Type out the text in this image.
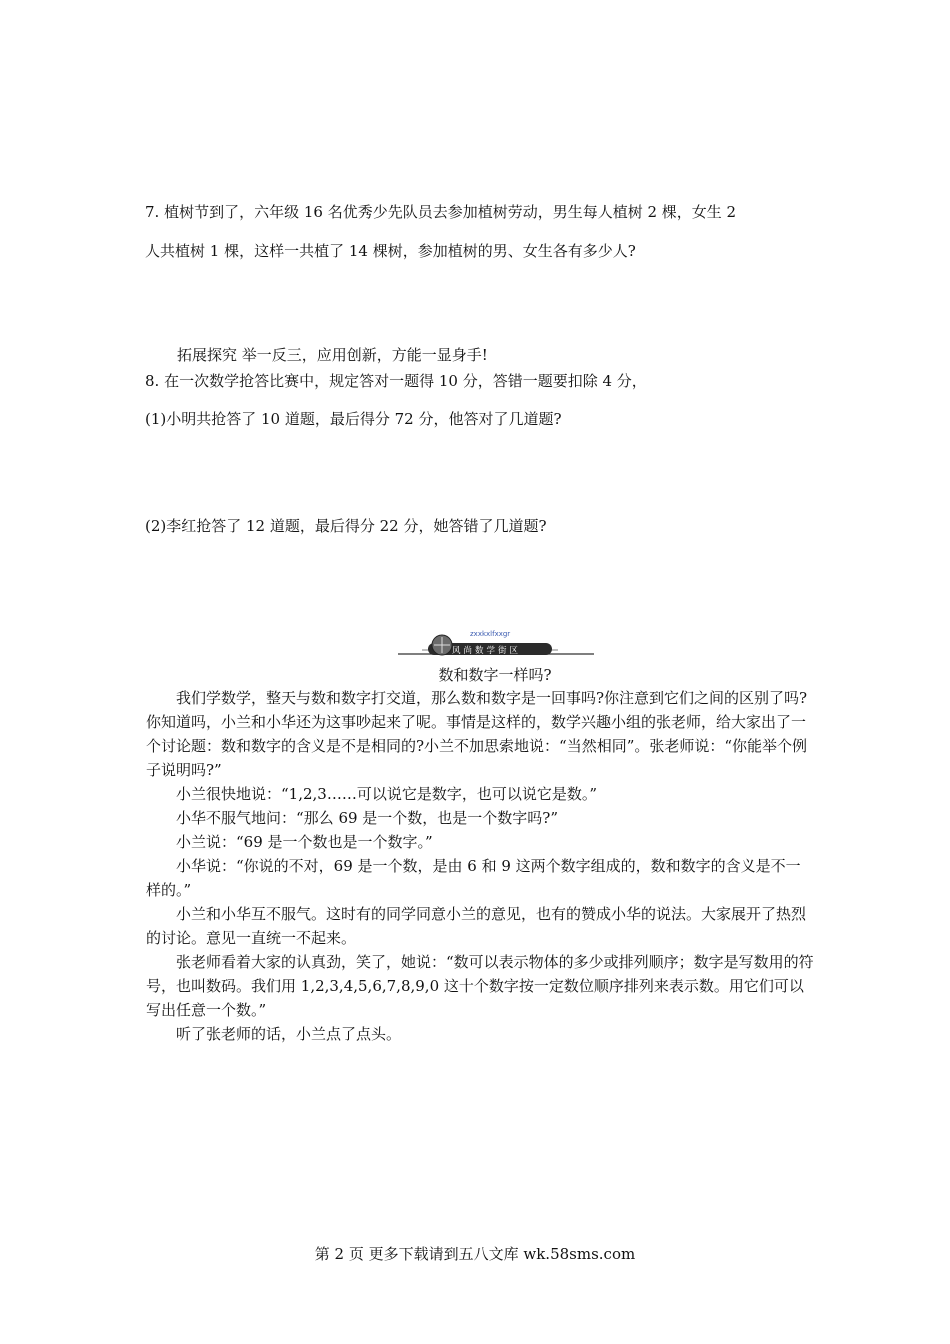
7. 植树节到了，六年级 16 名优秀少先队员去参加植树劳动，男生每人植树 2 棵，女生 2
人共植树 1 棵，这样一共植了 14 棵树，参加植树的男、女生各有多少人?
拓展探究 举一反三，应用创新，方能一显身手!
8. 在一次数学抢答比赛中，规定答对一题得 10 分，答错一题要扣除 4 分，
(1)小明共抢答了 10 道题，最后得分 72 分，他答对了几道题?
(2)李红抢答了 12 道题，最后得分 22 分，她答错了几道题?
zxxkxlfxxgr
风尚数学街区
数和数字一样吗?

我们学数学，整天与数和数字打交道，那么数和数字是一回事吗?你注意到它们之间的区别了吗?你知道吗，小兰和小华还为这事吵起来了呢。事情是这样的，数学兴趣小组的张老师，给大家出了一个讨论题：数和数字的含义是不是相同的?小兰不加思索地说：“当然相同”。张老师说：“你能举个例子说明吗?”

小兰很快地说：“1,2,3……可以说它是数字，也可以说它是数。”

小华不服气地问：“那么 69 是一个数，也是一个数字吗?”

小兰说：“69 是一个数也是一个数字。”

小华说：“你说的不对，69 是一个数，是由 6 和 9 这两个数字组成的，数和数字的含义是不一样的。”

小兰和小华互不服气。这时有的同学同意小兰的意见，也有的赞成小华的说法。大家展开了热烈的讨论。意见一直统一不起来。

张老师看着大家的认真劲，笑了，她说：“数可以表示物体的多少或排列顺序；数字是写数用的符号，也叫数码。我们用 1,2,3,4,5,6,7,8,9,0 这十个数字按一定数位顺序排列来表示数。用它们可以写出任意一个数。”

听了张老师的话，小兰点了点头。

第 2 页 更多下载请到五八文库 wk.58sms.com
